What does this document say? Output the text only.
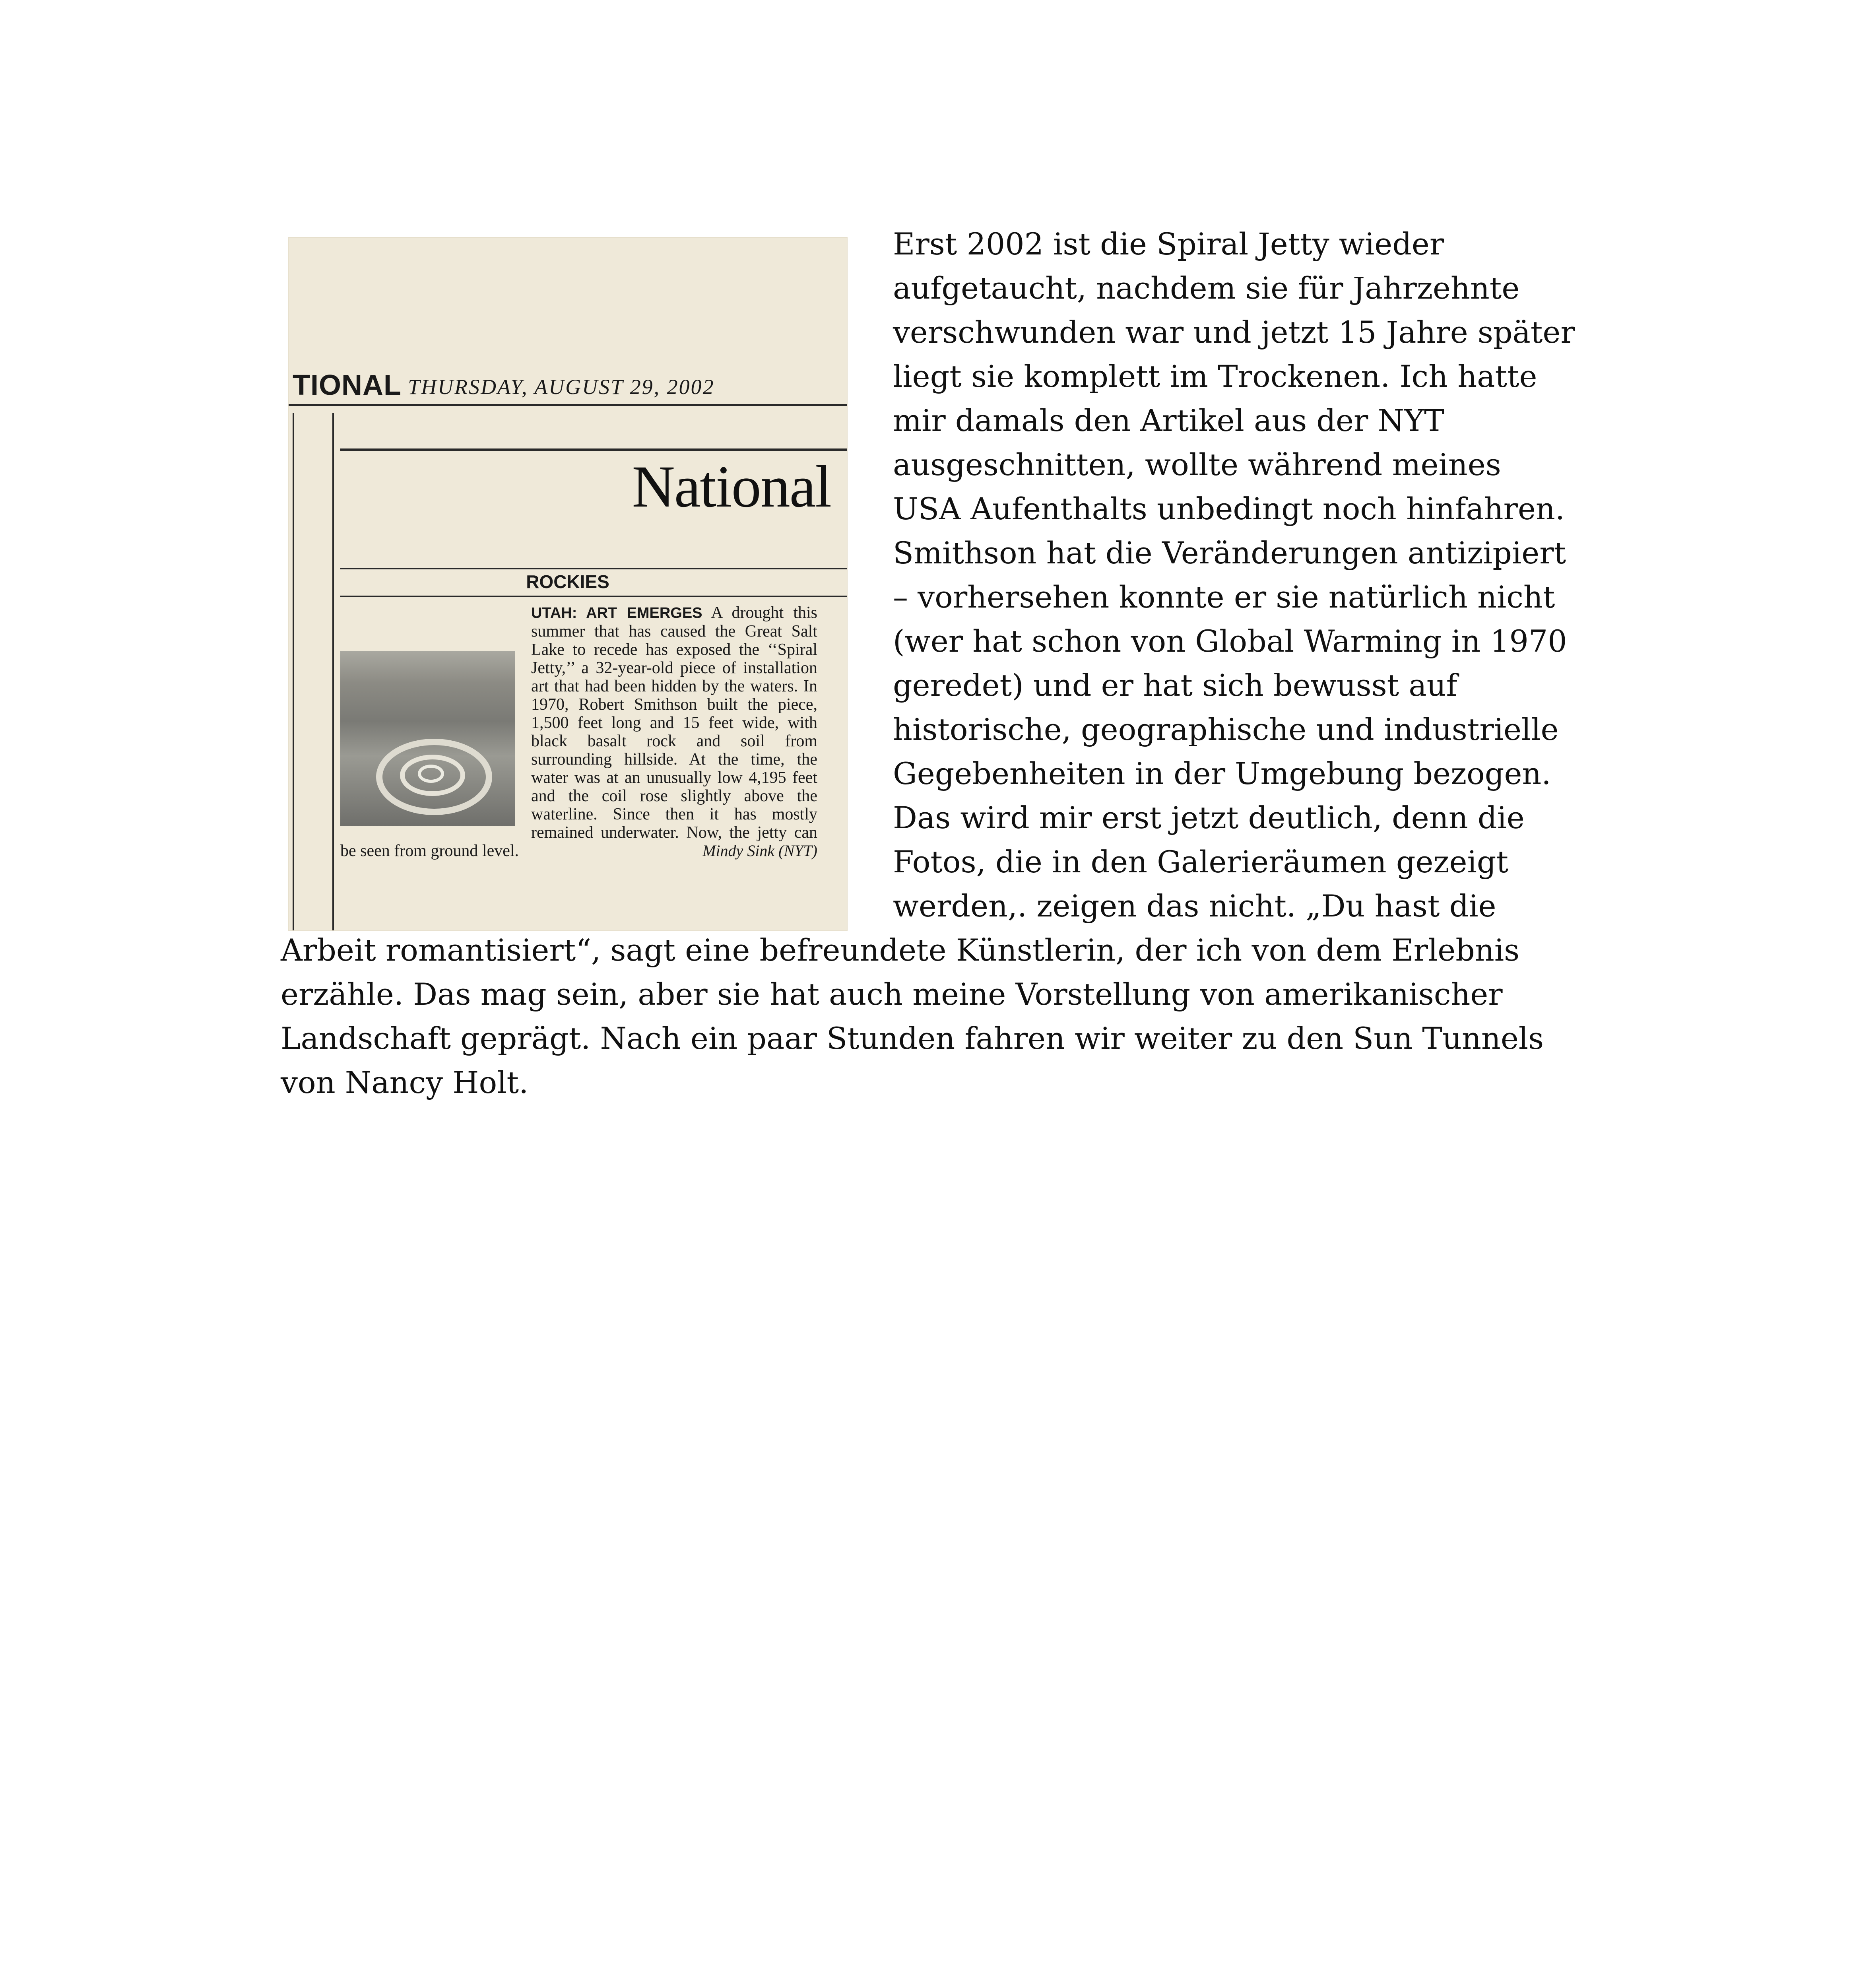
Erst 2002 ist die Spiral Jetty wieder aufgetaucht, nachdem sie für Jahrzehnte verschwunden war und jetzt 15 Jahre später liegt sie komplett im Trockenen. Ich hatte mir damals den Artikel aus der NYT ausgeschnitten, wollte während meines USA Aufenthalts unbedingt noch hinfahren.
Smithson hat die Veränderungen antizipiert – vorhersehen konnte er sie natürlich nicht (wer hat schon von Global Warming in 1970 geredet) und er hat sich bewusst auf historische, geographische und industrielle Gegebenheiten in der Umgebung bezogen. Das wird mir erst jetzt deutlich, denn die Fotos, die in den Galerieräumen gezeigt werden,. zeigen das nicht. „Du hast die Arbeit romantisiert“, sagt eine befreundete Künstlerin, der ich von dem Erlebnis erzähle. Das mag sein, aber sie hat auch meine Vorstellung von amerikanischer Landschaft geprägt. Nach ein paar Stunden fahren wir weiter zu den Sun Tunnels von Nancy Holt.
TIONAL THURSDAY, AUGUST 29, 2002
National
ROCKIES
UTAH: ART EMERGES A drought this summer that has caused the Great Salt Lake to recede has exposed the ‘‘Spiral Jetty,’’ a 32-year-old piece of installation art that had been hidden by the waters. In 1970, Robert Smithson built the piece, 1,500 feet long and 15 feet wide, with black basalt rock and soil from surrounding hillside. At the time, the water was at an unusually low 4,195 feet and the coil rose slightly above the waterline. Since then it has mostly remained underwater. Now, the jetty can be seen from ground level.	Mindy Sink (NYT)
